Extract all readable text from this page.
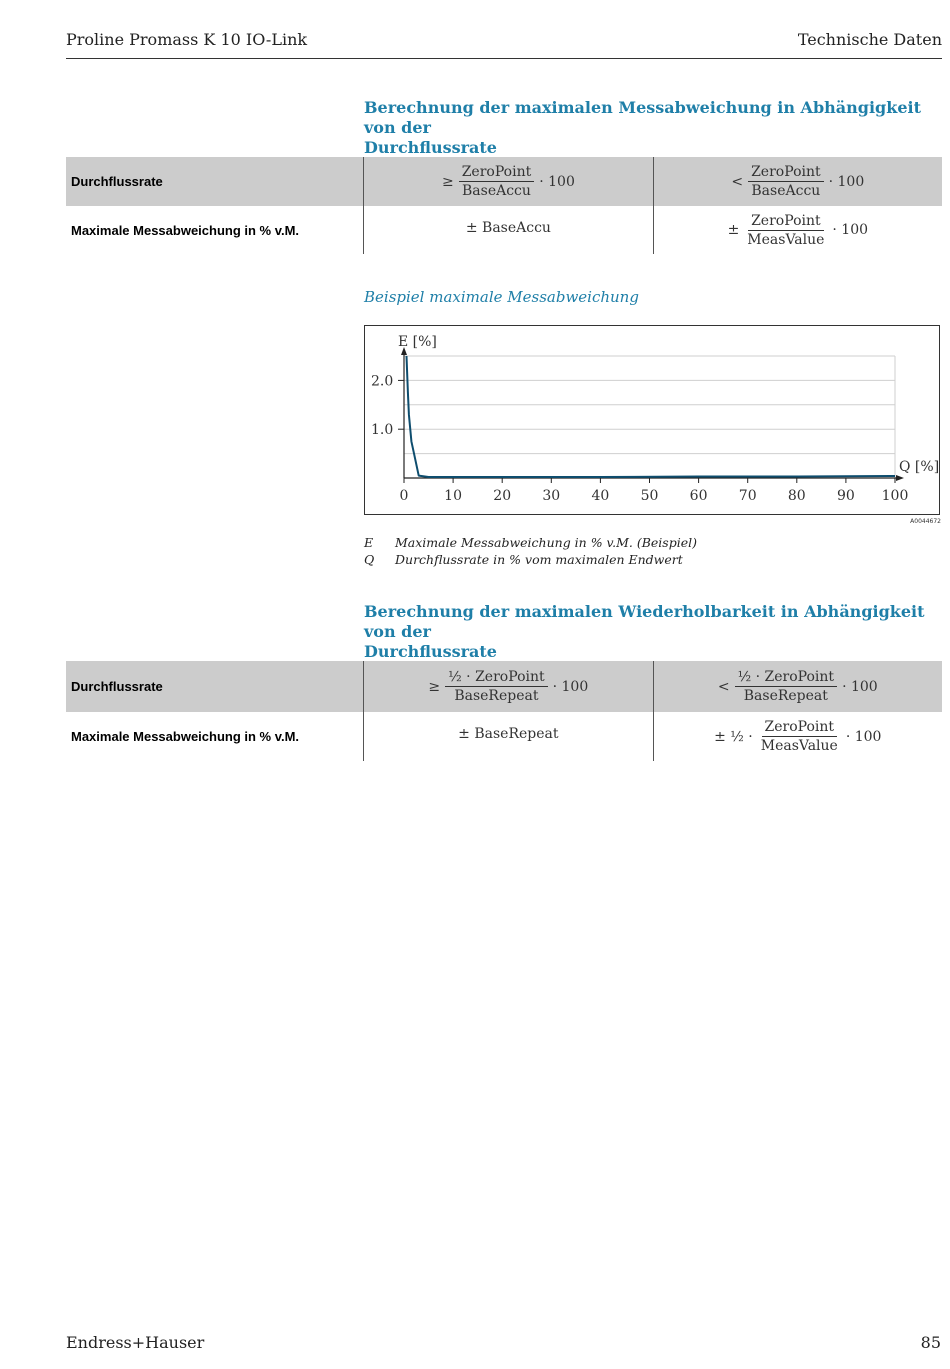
Proline Promass K 10 IO-Link	Technische Daten
Berechnung der maximalen Messabweichung in Abhängigkeit von der
Durchflussrate
Durchflussrate	≥ $\frac{\text{ZeroPoint}}{\text{BaseAccu}} \cdot 100$	< $\frac{\text{ZeroPoint}}{\text{BaseAccu}} \cdot 100$

Maximale Messabweichung in % v.M.	± BaseAccu	± $\frac{\text{ZeroPoint}}{\text{MeasValue}} \cdot 100$
Beispiel maximale Messabweichung
0	10 20 30 40 50 60 70 80 90 100
1.0
2.0
E [%]
Q [%]
A0044672
E Maximale Messabweichung in % v.M. (Beispiel)
Q Durchflussrate in % vom maximalen Endwert
Berechnung der maximalen Wiederholbarkeit in Abhängigkeit von der
Durchflussrate
Durchflussrate	≥ $\frac{\text{½ · ZeroPoint}}{\text{BaseRepeat}} \cdot 100$	< $\frac{\text{½ · ZeroPoint}}{\text{BaseRepeat}} \cdot 100$

Maximale Messabweichung in % v.M.	± BaseRepeat	± ½ · $\frac{\text{ZeroPoint}}{\text{MeasValue}} \cdot 100$
Endress+Hauser	85
